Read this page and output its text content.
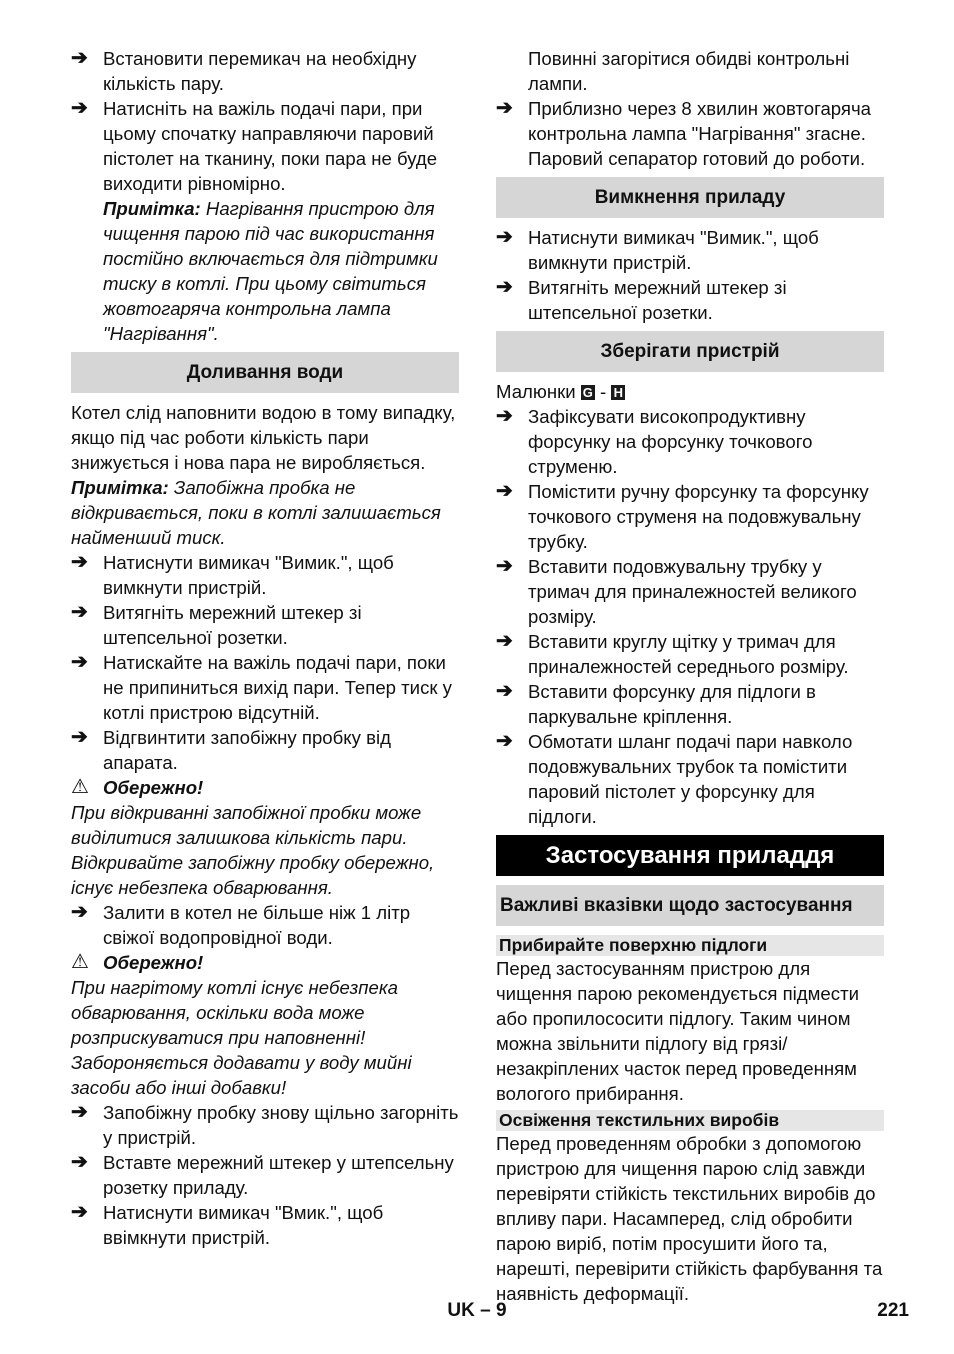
➔ Встановити перемикач на необхідну кількість пару.
➔ Натисніть на важіль подачі пари, при цьому спочатку направляючи паровий пістолет на тканину, поки пара не буде виходити рівномірно.
Примітка: Нагрівання пристрою для чищення парою під час використання постійно включається для підтримки тиску в котлі. При цьому світиться жовтогаряча контрольна лампа "Нагрівання".
Доливання води
Котел слід наповнити водою в тому випадку, якщо під час роботи кількість пари знижується і нова пара не виробляється.
Примітка: Запобіжна пробка не відкривається, поки в котлі залишається найменший тиск.
➔ Натиснути вимикач "Вимик.", щоб вимкнути пристрій.
➔ Витягніть мережний штекер зі штепсельної розетки.
➔ Натискайте на важіль подачі пари, поки не припиниться вихід пари. Тепер тиск у котлі пристрою відсутній.
➔ Відгвинтити запобіжну пробку від апарата.
⚠ Обережно!
При відкриванні запобіжної пробки може виділитися залишкова кількість пари. Відкривайте запобіжну пробку обережно, існує небезпека обварювання.
➔ Залити в котел не більше ніж 1 літр свіжої водопровідної води.
⚠ Обережно!
При нагрітому котлі існує небезпека обварювання, оскільки вода може розприскуватися при наповненні! Забороняється додавати у воду мийні засоби або інші добавки!
➔ Запобіжну пробку знову щільно загорніть у пристрій.
➔ Вставте мережний штекер у штепсельну розетку приладу.
➔ Натиснути вимикач "Вмик.", щоб ввімкнути пристрій.
Повинні загорітися обидві контрольні лампи.
➔ Приблизно через 8 хвилин жовтогаряча контрольна лампа "Нагрівання" згасне. Паровий сепаратор готовий до роботи.
Вимкнення приладу
➔ Натиснути вимикач "Вимик.", щоб вимкнути пристрій.
➔ Витягніть мережний штекер зі штепсельної розетки.
Зберігати пристрій
Малюнки G - H
➔ Зафіксувати високопродуктивну форсунку на форсунку точкового струменю.
➔ Помістити ручну форсунку та форсунку точкового струменя на подовжувальну трубку.
➔ Вставити подовжувальну трубку у тримач для приналежностей великого розміру.
➔ Вставити круглу щітку у тримач для приналежностей середнього розміру.
➔ Вставити форсунку для підлоги в паркувальне кріплення.
➔ Обмотати шланг подачі пари навколо подовжувальних трубок та помістити паровий пістолет у форсунку для підлоги.
Застосування приладдя
Важливі вказівки щодо застосування
Прибирайте поверхню підлоги
Перед застосуванням пристрою для чищення парою рекомендується підмести або пропилососити підлогу. Таким чином можна звільнити підлогу від грязі/ незакріплених часток перед проведенням вологого прибирання.
Освіження текстильних виробів
Перед проведенням обробки з допомогою пристрою для чищення парою слід завжди перевіряти стійкість текстильних виробів до впливу пари. Насамперед, слід обробити парою виріб, потім просушити його та, нарешті, перевірити стійкість фарбування та наявність деформації.
UK – 9	221
